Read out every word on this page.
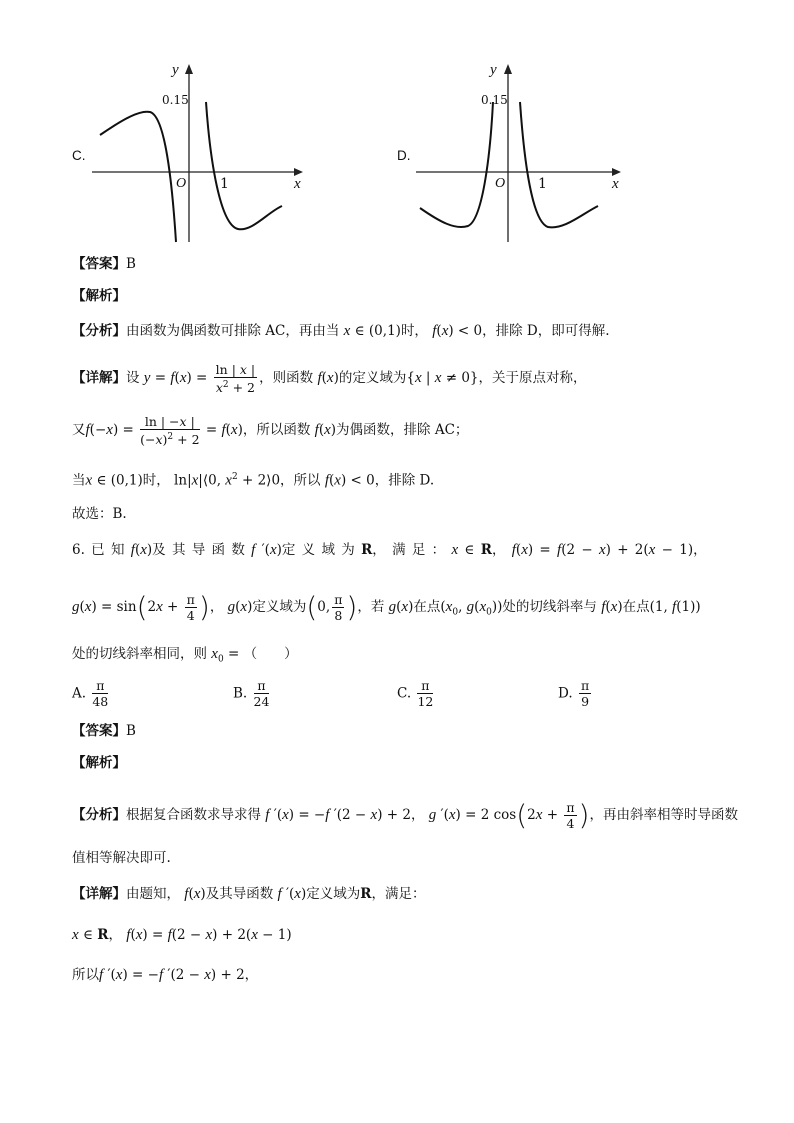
C.
y
0.15
O 1	x
D.
y
0.15
O 1	x
【答案】B
【解析】
【分析】由函数为偶函数可排除 AC，再由当 x ∈ (0,1)时， f(x) < 0，排除 D，即可得解.
【详解】设 $y = f(x) = \frac{\ln | x |}{x^2 + 2}$ ，则函数 f(x)的定义域为{x | x ≠ 0}，关于原点对称，
又$f(-x) = \frac{\ln | -x |}{(-x)^2 + 2} = f(x)$，所以函数 f(x)为偶函数，排除 AC；
当x ∈ (0,1)时， ln|x|⟨0, $x^2$ + 2⟩0，所以 f(x) < 0，排除 D.
故选：B.
6. 已 知 f(x)及 其 导 函 数 f ′(x)定 义 域 为 R， 满 足 ： x ∈ R， f(x) = f(2 − x) + 2(x − 1)，
$g(x) = \sin(2x + \frac{\pi}{4}$ )， g(x)定义域为(0, $\frac{\pi}{8}$ )，若 g(x)在点($x_0$, $g(x_0)$)处的切线斜率与 f(x)在点(1, f(1))
处的切线斜率相同，则 $x_0$ = （　　）
A. $\frac{\pi}{48}$	B. $\frac{\pi}{24}$	C. $\frac{\pi}{12}$	D. $\frac{\pi}{9}$
【答案】B
【解析】
【分析】根据复合函数求导求得 f ′(x) = −f ′(2 − x) + 2， g ′(x) = 2 $\cos(2x + \frac{\pi}{4}$ )，再由斜率相等时导函数
值相等解决即可.
【详解】由题知， f(x)及其导函数 f ′(x)定义域为R，满足：
x ∈ R， f(x) = f(2 − x) + 2(x − 1)
所以f ′(x) = −f ′(2 − x) + 2，
